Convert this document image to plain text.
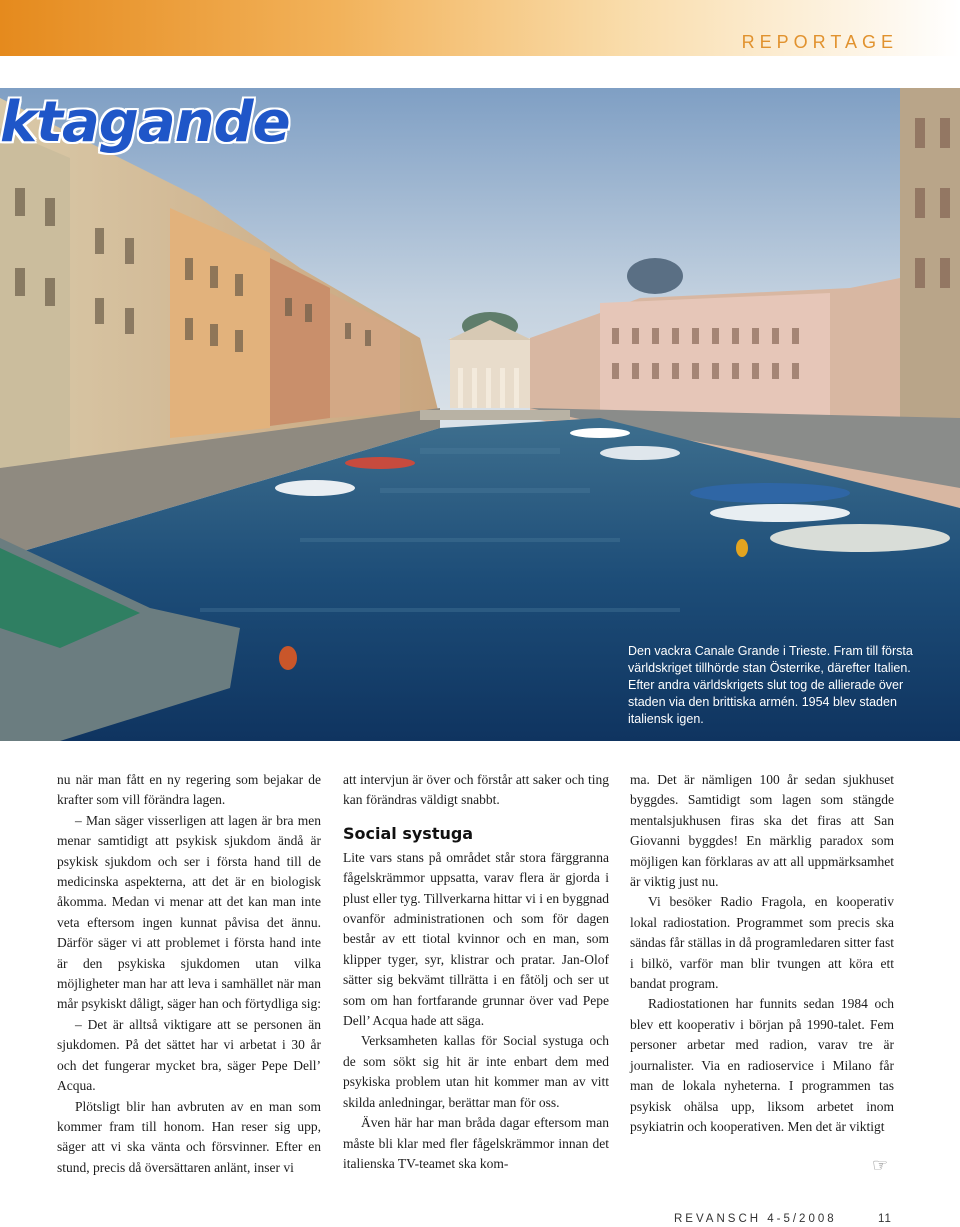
REPORTAGE
ktagande
Den vackra Canale Grande i Trieste. Fram till första världskriget tillhörde stan Österrike, därefter Italien. Efter andra världskrigets slut tog de allierade över staden via den brittiska armén. 1954 blev staden italiensk igen.

nu när man fått en ny regering som bejakar de krafter som vill förändra lagen.

– Man säger visserligen att lagen är bra men menar samtidigt att psykisk sjukdom ändå är psykisk sjukdom och ser i första hand till de medicinska aspekterna, att det är en biologisk åkomma. Medan vi menar att det kan man inte veta eftersom ingen kunnat påvisa det ännu. Därför säger vi att problemet i första hand inte är den psykiska sjukdomen utan vilka möjligheter man har att leva i samhället när man mår psykiskt dåligt, säger han och förtydliga sig:

– Det är alltså viktigare att se personen än sjukdomen. På det sättet har vi arbetat i 30 år och det fungerar mycket bra, säger Pepe Dell’ Acqua.

Plötsligt blir han avbruten av en man som kommer fram till honom. Han reser sig upp, säger att vi ska vänta och försvinner. Efter en stund, precis då översättaren anlänt, inser vi

att intervjun är över och förstår att saker och ting kan förändras väldigt snabbt.

Social systuga

Lite vars stans på området står stora färggranna fågelskrämmor uppsatta, varav flera är gjorda i plust eller tyg. Tillverkarna hittar vi i en byggnad ovanför administrationen och som för dagen består av ett tiotal kvinnor och en man, som klipper tyger, syr, klistrar och pratar. Jan-Olof sätter sig bekvämt tillrätta i en fåtölj och ser ut som om han fortfarande grunnar över vad Pepe Dell’ Acqua hade att säga.

Verksamheten kallas för Social systuga och de som sökt sig hit är inte enbart dem med psykiska problem utan hit kommer man av vitt skilda anledningar, berättar man för oss.

Även här har man bråda dagar eftersom man måste bli klar med fler fågelskrämmor innan det italienska TV-teamet ska kom-

ma. Det är nämligen 100 år sedan sjukhuset byggdes. Samtidigt som lagen som stängde mentalsjukhusen firas ska det firas att San Giovanni byggdes! En märklig paradox som möjligen kan förklaras av att all uppmärksamhet är viktig just nu.

Vi besöker Radio Fragola, en kooperativ lokal radiostation. Programmet som precis ska sändas får ställas in då programledaren sitter fast i bilkö, varför man blir tvungen att köra ett bandat program.

Radiostationen har funnits sedan 1984 och blev ett kooperativ i början på 1990-talet. Fem personer arbetar med radion, varav tre är journalister. Via en radioservice i Milano får man de lokala nyheterna. I programmen tas psykisk ohälsa upp, liksom arbetet inom psykiatrin och kooperativen. Men det är viktigt

☞
REVANSCH 4-5/2008	11
